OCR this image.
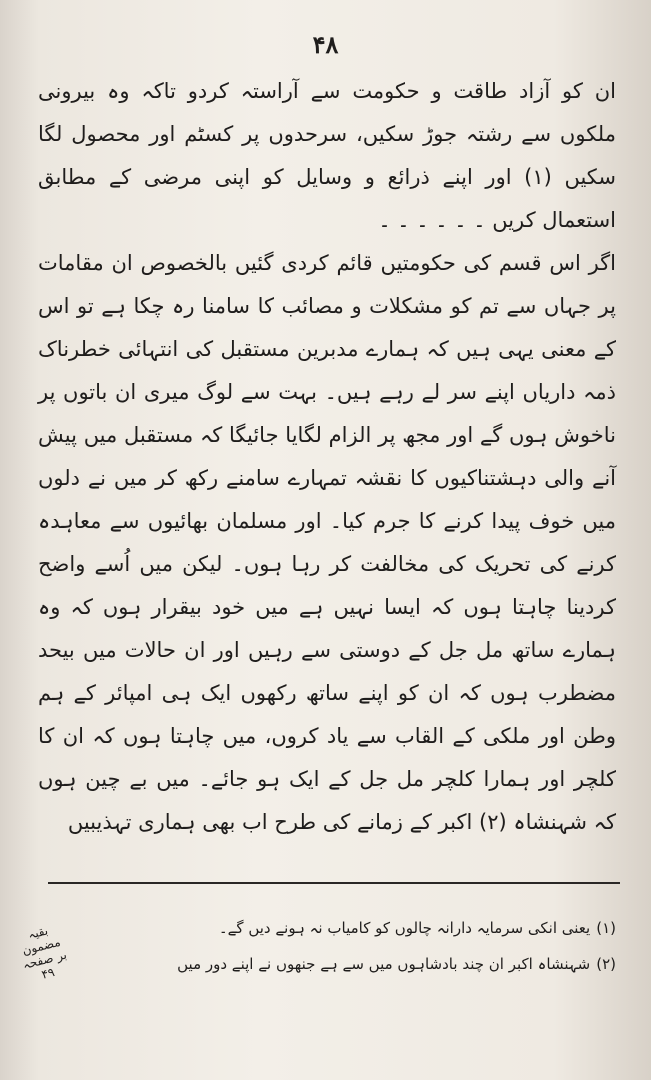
۴۸

ان کو آزاد طاقت و حکومت سے آراستہ کردو تاکہ وہ بیرونی ملکوں سے رشتہ جوڑ سکیں، سرحدوں پر کسٹم اور محصول لگا سکیں (۱) اور اپنے ذرائع و وسایل کو اپنی مرضی کے مطابق استعمال کریں ۔ ۔ ۔ ۔ ۔ ۔

اگر اس قسم کی حکومتیں قائم کردی گئیں بالخصوص ان مقامات پر جہاں سے تم کو مشکلات و مصائب کا سامنا رہ چکا ہے تو اس کے معنی یہی ہیں کہ ہمارے مدبرین مستقبل کی انتہائی خطرناک ذمہ داریاں اپنے سر لے رہے ہیں۔ بہت سے لوگ میری ان باتوں پر ناخوش ہوں گے اور مجھ پر الزام لگایا جائیگا کہ مستقبل میں پیش آنے والی دہشتناکیوں کا نقشہ تمہارے سامنے رکھ کر میں نے دلوں میں خوف پیدا کرنے کا جرم کیا۔ اور مسلمان بھائیوں سے معاہدہ کرنے کی تحریک کی مخالفت کر رہا ہوں۔ لیکن میں اُسے واضح کردینا چاہتا ہوں کہ ایسا نہیں ہے میں خود بیقرار ہوں کہ وہ ہمارے ساتھ مل جل کے دوستی سے رہیں اور ان حالات میں بیحد مضطرب ہوں کہ ان کو اپنے ساتھ رکھوں ایک ہی امپائر کے ہم وطن اور ملکی کے القاب سے یاد کروں، میں چاہتا ہوں کہ ان کا کلچر اور ہمارا کلچر مل جل کے ایک ہو جائے۔ میں بے چین ہوں کہ شہنشاہ (۲) اکبر کے زمانے کی طرح اب بھی ہماری تہذیبیں

(۱)
یعنی انکی سرمایہ دارانہ چالوں کو کامیاب نہ ہونے دیں گے۔
(۲)
شہنشاہ اکبر ان چند بادشاہوں میں سے ہے جنھوں نے اپنے دور میں
بقیہ مضمون بر صفحہ ۴۹
